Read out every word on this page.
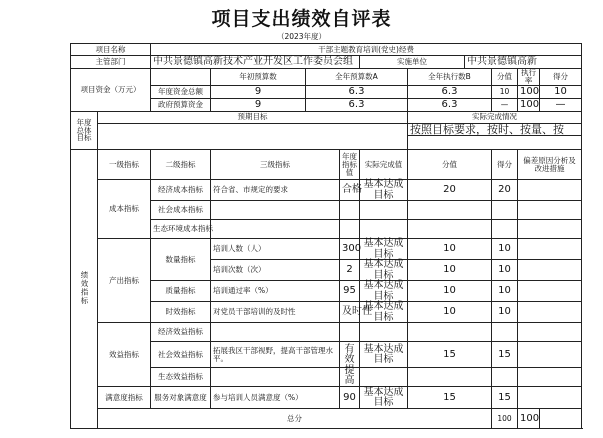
项目支出绩效自评表
（2023年度）
项目名称		干部主题教育培训(党史)经费									
主管部门		中共景德镇高新技术产业开发区工作委员会组				实施单位		中共景德镇高新			
项目资金（万元）			年初预算数	全年预算数A			全年执行数B		分值	执行率	得分
		年度资金总额	9	6.3			6.3		10	100	10
		政府预算资金	9	6.3			6.3		—	100	—
年度总体目标	预期目标						实际完成情况				
							按照目标要求，按时、按量、按				

绩效指标	一级指标	二级指标	三级指标		年度指标值	实际完成值	分值		得分	偏差原因分析及改进措施	

	成本指标	经济成本指标	符合省、市规定的要求		合格	基本达成目标	20		20		
		社会成本指标									
		生态环境成本指标									
	产出指标	数量指标	培训人数（人）		300	基本达成目标	10		10		
			培训次数（次）		2	基本达成目标	10		10		
		质量指标	培训通过率（%）		95	基本达成目标	10		10		
		时效指标	对党员干部培训的及时性		及时性	基本达成目标	10		10		
	效益指标	经济效益指标									
		社会效益指标	拓展我区干部视野，提高干部管理水平。		有效提高	基本达成目标	15		15		
		生态效益指标									
	满意度指标	服务对象满意度	参与培训人员满意度（%）		90	基本达成目标	15		15		
	总分								100	100	
